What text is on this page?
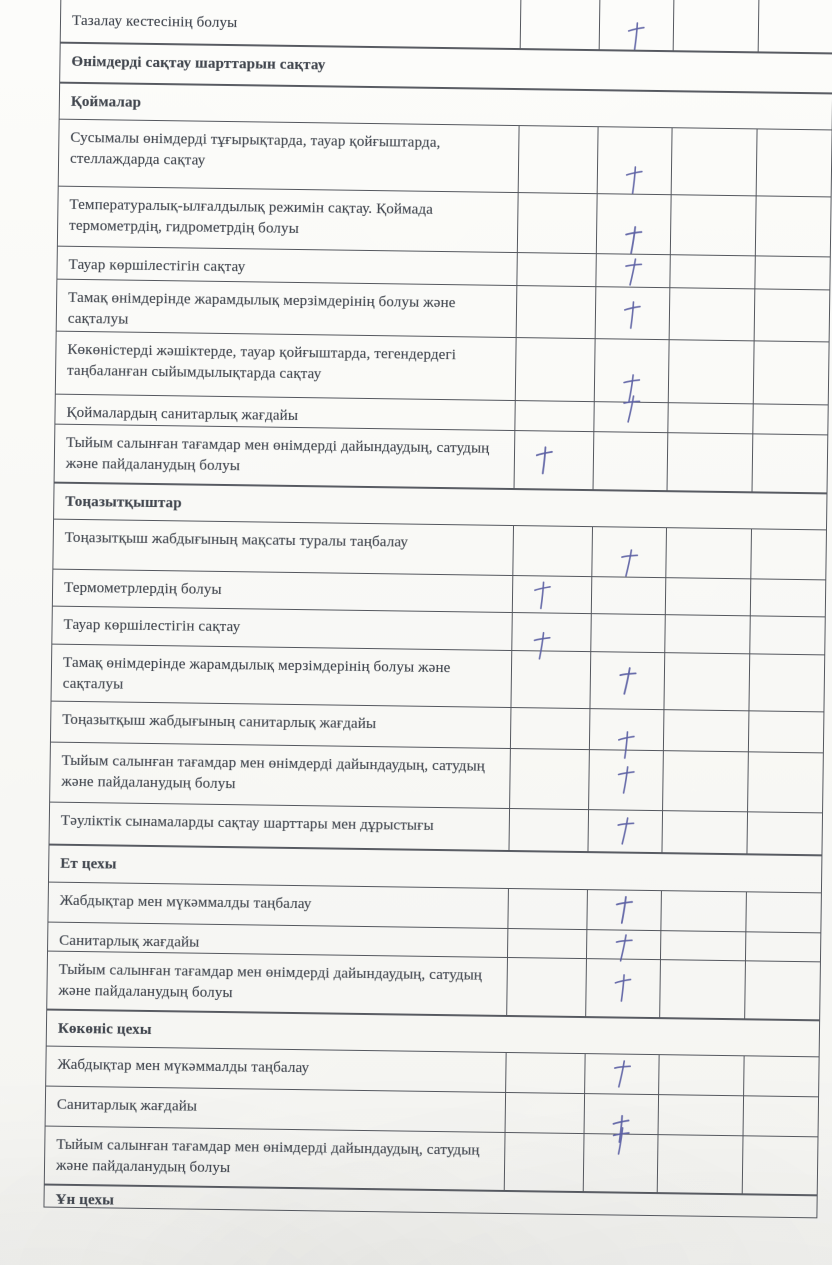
Тазалау кестесінің болуы
Өнімдерді сақтау шарттарын сақтау
Қоймалар
Сусымалы өнімдерді тұғырықтарда, тауар қойғыштарда, стеллаждарда сақтау
Температуралық-ылғалдылық режимін сақтау. Қоймада термометрдің, гидрометрдің болуы
Тауар көршілестігін сақтау
Тамақ өнімдерінде жарамдылық мерзімдерінің болуы және сақталуы
Көкөністерді жәшіктерде, тауар қойғыштарда, тегендердегі таңбаланған сыйымдылықтарда сақтау
Қоймалардың санитарлық жағдайы
Тыйым салынған тағамдар мен өнімдерді дайындаудың, сатудың және пайдаланудың болуы
Тоңазытқыштар
Тоңазытқыш жабдығының мақсаты туралы таңбалау
Термометрлердің болуы
Тауар көршілестігін сақтау
Тамақ өнімдерінде жарамдылық мерзімдерінің болуы және сақталуы
Тоңазытқыш жабдығының санитарлық жағдайы
Тыйым салынған тағамдар мен өнімдерді дайындаудың, сатудың және пайдаланудың болуы
Тәуліктік сынамаларды сақтау шарттары мен дұрыстығы
Ет цехы
Жабдықтар мен мүкәммалды таңбалау
Санитарлық жағдайы
Тыйым салынған тағамдар мен өнімдерді дайындаудың, сатудың және пайдаланудың болуы
Көкөніс цехы
Жабдықтар мен мүкәммалды таңбалау
Санитарлық жағдайы
Тыйым салынған тағамдар мен өнімдерді дайындаудың, сатудың және пайдаланудың болуы
Ұн цехы
